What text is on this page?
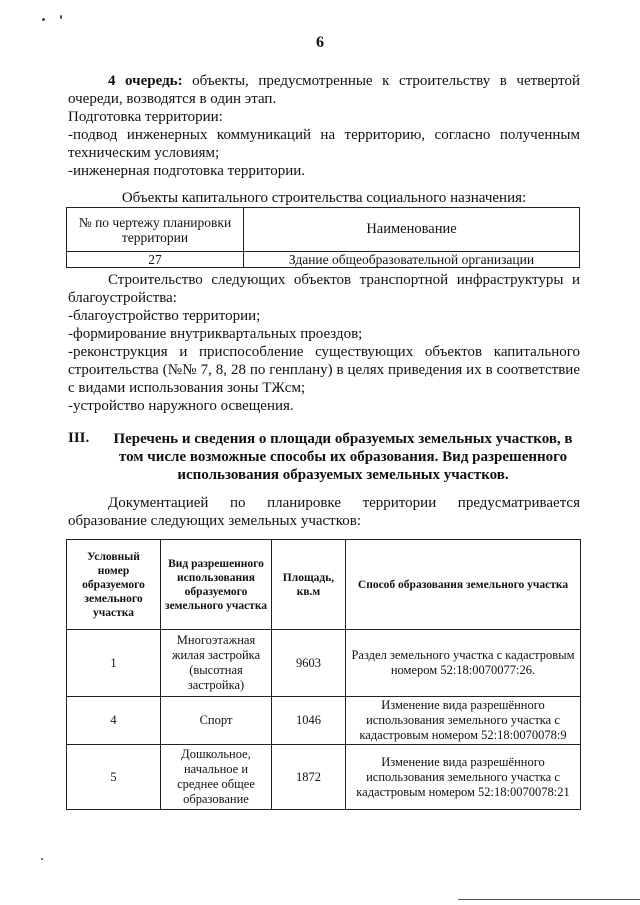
6
4 очередь: объекты, предусмотренные к строительству в четвертой очереди, возводятся в один этап.
Подготовка территории:
-подвод инженерных коммуникаций на территорию, согласно полученным техническим условиям;
-инженерная подготовка территории.
Объекты капитального строительства социального назначения:
№ по чертежу планировки территории	Наименование
27	Здание общеобразовательной организации
Строительство следующих объектов транспортной инфраструктуры и благоустройства:
-благоустройство территории;
-формирование внутриквартальных проездов;
-реконструкция и приспособление существующих объектов капитального строительства (№№ 7, 8, 28 по генплану) в целях приведения их в соответствие с видами использования зоны ТЖсм;
-устройство наружного освещения.
III.	Перечень и сведения о площади образуемых земельных участков, в
том числе возможные способы их образования. Вид разрешенного
использования образуемых земельных участков.
Документацией по планировке территории предусматривается образование следующих земельных участков:
Условный номер образуемого земельного участка	Вид разрешенного использования образуемого земельного участка	Площадь, кв.м	Способ образования земельного участка
1	Многоэтажная жилая застройка (высотная застройка)	9603	Раздел земельного участка с кадастровым номером 52:18:0070077:26.
4	Спорт	1046	Изменение вида разрешённого использования земельного участка с кадастровым номером 52:18:0070078:9
5	Дошкольное, начальное и среднее общее образование	1872	Изменение вида разрешённого использования земельного участка с кадастровым номером 52:18:0070078:21
